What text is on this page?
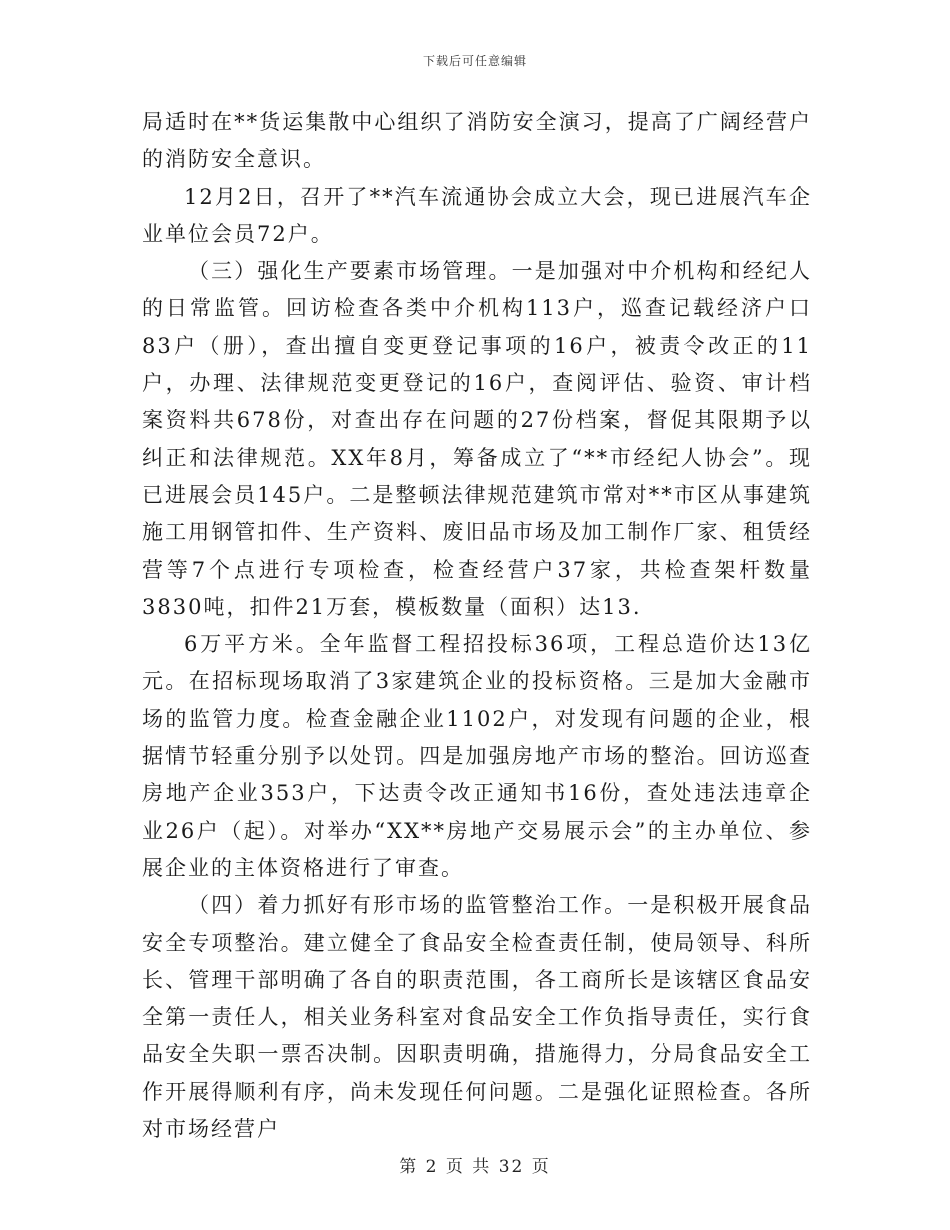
下载后可任意编辑

局适时在**货运集散中心组织了消防安全演习，提高了广阔经营户的消防安全意识。

12月2日，召开了**汽车流通协会成立大会，现已进展汽车企业单位会员72户。

（三）强化生产要素市场管理。一是加强对中介机构和经纪人的日常监管。回访检查各类中介机构113户，巡查记载经济户口83户（册），查出擅自变更登记事项的16户，被责令改正的11户，办理、法律规范变更登记的16户，查阅评估、验资、审计档案资料共678份，对查出存在问题的27份档案，督促其限期予以纠正和法律规范。XX年8月，筹备成立了“**市经纪人协会”。现已进展会员145户。二是整顿法律规范建筑市常对**市区从事建筑施工用钢管扣件、生产资料、废旧品市场及加工制作厂家、租赁经营等7个点进行专项检查，检查经营户37家，共检查架杆数量3830吨，扣件21万套，模板数量（面积）达13.

6万平方米。全年监督工程招投标36项，工程总造价达13亿元。在招标现场取消了3家建筑企业的投标资格。三是加大金融市场的监管力度。检查金融企业1102户，对发现有问题的企业，根据情节轻重分别予以处罚。四是加强房地产市场的整治。回访巡查房地产企业353户，下达责令改正通知书16份，查处违法违章企业26户（起）。对举办“XX**房地产交易展示会”的主办单位、参展企业的主体资格进行了审查。

（四）着力抓好有形市场的监管整治工作。一是积极开展食品安全专项整治。建立健全了食品安全检查责任制，使局领导、科所长、管理干部明确了各自的职责范围，各工商所长是该辖区食品安全第一责任人，相关业务科室对食品安全工作负指导责任，实行食品安全失职一票否决制。因职责明确，措施得力，分局食品安全工作开展得顺利有序，尚未发现任何问题。二是强化证照检查。各所对市场经营户

第 2 页 共 32 页
